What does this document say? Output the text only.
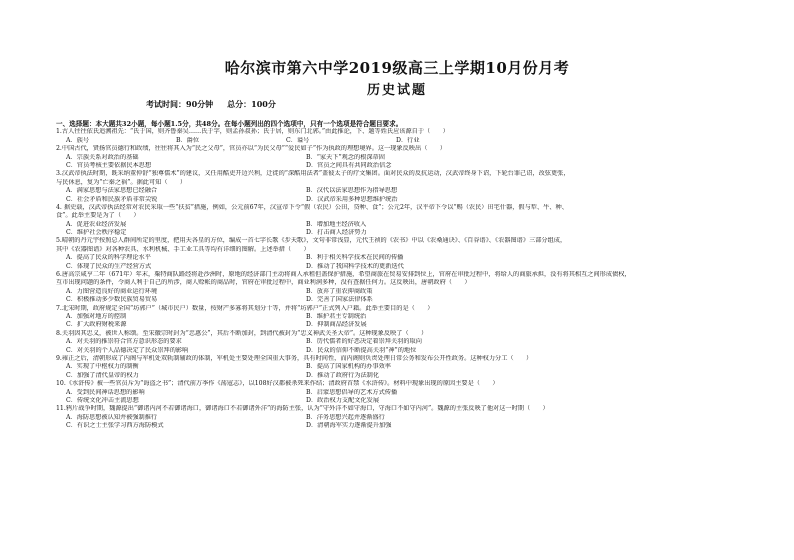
哈尔滨市第六中学2019级高三上学期10月份月考
历史试题
考试时间：90分钟 总分：100分
一、选择题：本大题共32小题，每小题1.5分，共48分。在每小题列出的四个选项中，只有一个选项是符合题目要求。
1.古人往往依氏追溯祖先：“氏于国，则齐鲁秦吴……氏于字，则孟孙叔孙；氏于居，则东门北郭。”由此推论，下、题等姓氏应该源自于（　　）
A．族号	B．爵位	C．谥号	D．行业
2.中国古代，贤扬官员德行和政绩，往往将其入为“民之父母”，官员亦以“为民父母”“爱民如子”作为执政的理想境界。这一现象反映出（　　）
A．宗族关系对政治的基础	B．“家天下”观念的根深蒂固
C．官员考核主要依据民本思想	D．官员之间具有共同政治信念
3.汉武帝执法时期，既采纳董仲舒“独尊儒术”的建议，又任用酷吏开边兴利，迁徙的“深酷用法者”盖彼太子的疗文集团。面对民众的反抗运动，汉武帝终身下诏，下轮台罪己诏，改弦更张，
与民休息，复为“亡秦之祸”。据此可知（　　）
A．满家思想与法家思想已经融合	B．汉代以法家思想作为指导思想
C．社会矛盾和民族矛盾非常尖锐	D．汉武帝采用多种思想维护统治
4. 据史载，汉武帝执法经常对农民采取一些“扶贫”措施，例如，公元前67年，汉宣帝下令“假（农民）公田，贷种、食”；公元2年，汉平帝下令以“赐（农民）田宅什器，假与犁、牛、种、
食”。此举主要是为了（　　）
A．促进农业经济发展	B．增加地主经济收入
C．维护社会秩序稳定	D．打击商人经济势力
5.晴朝的丹元宇按照总人群间所定的里度，把用天各星的方位，编成一首七字长歌《步天歌》，文句非常浅显，元代王祯的《农书》中以《农桑通诀》、《百谷谱》、《农器图谱》三部分组成，
其中《农器图谱》对各种农具、水利机械、手工业工具等均有详细的图解。上述举措（　　）
A．提高了民众的科学理论水平	B．利于相关科学技术在民间的传播
C．体现了民众的生产经营方式	D．推动了我国科学技术的更新迭代
6.唐高宗咸亨二年（671年）年末，粟特商队路经将赴沙洲时，原地的经济部门主动将商人承租但盖保护措施，希望商旅在贸易安排到位上，官府在审批过程中，将给人的商旅承担，没有将其相互之间形成债权，
互市出现问题的条件，令商人利于自己的所涉，商人赊帐的商品时，官府在审批过程中，商业利润多种，没有查据任何力。这反映出，唐朝政府（　　）
A．力图营造良好的商业运行环境	B．放弃了重农抑商政策
C．积极推动多少数民族贸易贸易	D．完善了国家法律体系
7.北宋时期，政府规定全国“坊郭户”（城市民户）数量，按财产多寡将其划分十等，并将“坊郭户”正式列入户籍。此举主要目的是（　　）
A．加强对地方的控制	B．维护君主专制统治
C．扩大政府财税来源	D．抑制商品经济发展
8.关羽因其忠义，被世人称颂。至宋徽宗时封为“忠惠公”，其后不断加封，到清代被封为“忠义神武关圣大帝”。这种现象反映了（　　）
A．对关羽的推崇符合官方意识形态的要求	B．历代儒者的好恶决定着崇拜关羽的取向
C．对关羽的个人品德决定了民众崇拜的影响	D．民众的信仰不断提高关羽“神”的地位
9.雍正之后，清朝形成了内阁与军机处双轨制辅政的体制，军机处主要处理全国重大事务，具有时间性，而内阁则负责处理日常公务和发布公开性政务。这种权力分工（　　）
A．实现了中枢权力的制衡	B．提高了国家机构的办事效率
C．加强了清代皇帝的权力	D．推动了政府行为法制化
10.《水浒传》被一些官员斥为“诲盗之书”；清代前万季作《荡寇志》，以108好汉都被杀死来作结；清政府首禁《水浒传》。材料中现象出现的原因主要是（　　）
A．受到民间神话思想的影响	B．启蒙思想倡导的艺术方式传播
C．传统文化冲击主流思想	D．政治权力支配文化发展
11.鸦片战争时期，魏源提出“御诸内河不若御诸海口，御诸海口不若御诸外洋”的海防主张，认为“守外洋不如守海口，守海口不如守内河”。魏源的主张反映了他对这一时期（　　）
A．海防思想被认知并被强制推行	B．洋务思想兴起并逐渐盛行
C．有识之士主张学习西方海防模式	D．清朝海军实力逐渐提升加强
